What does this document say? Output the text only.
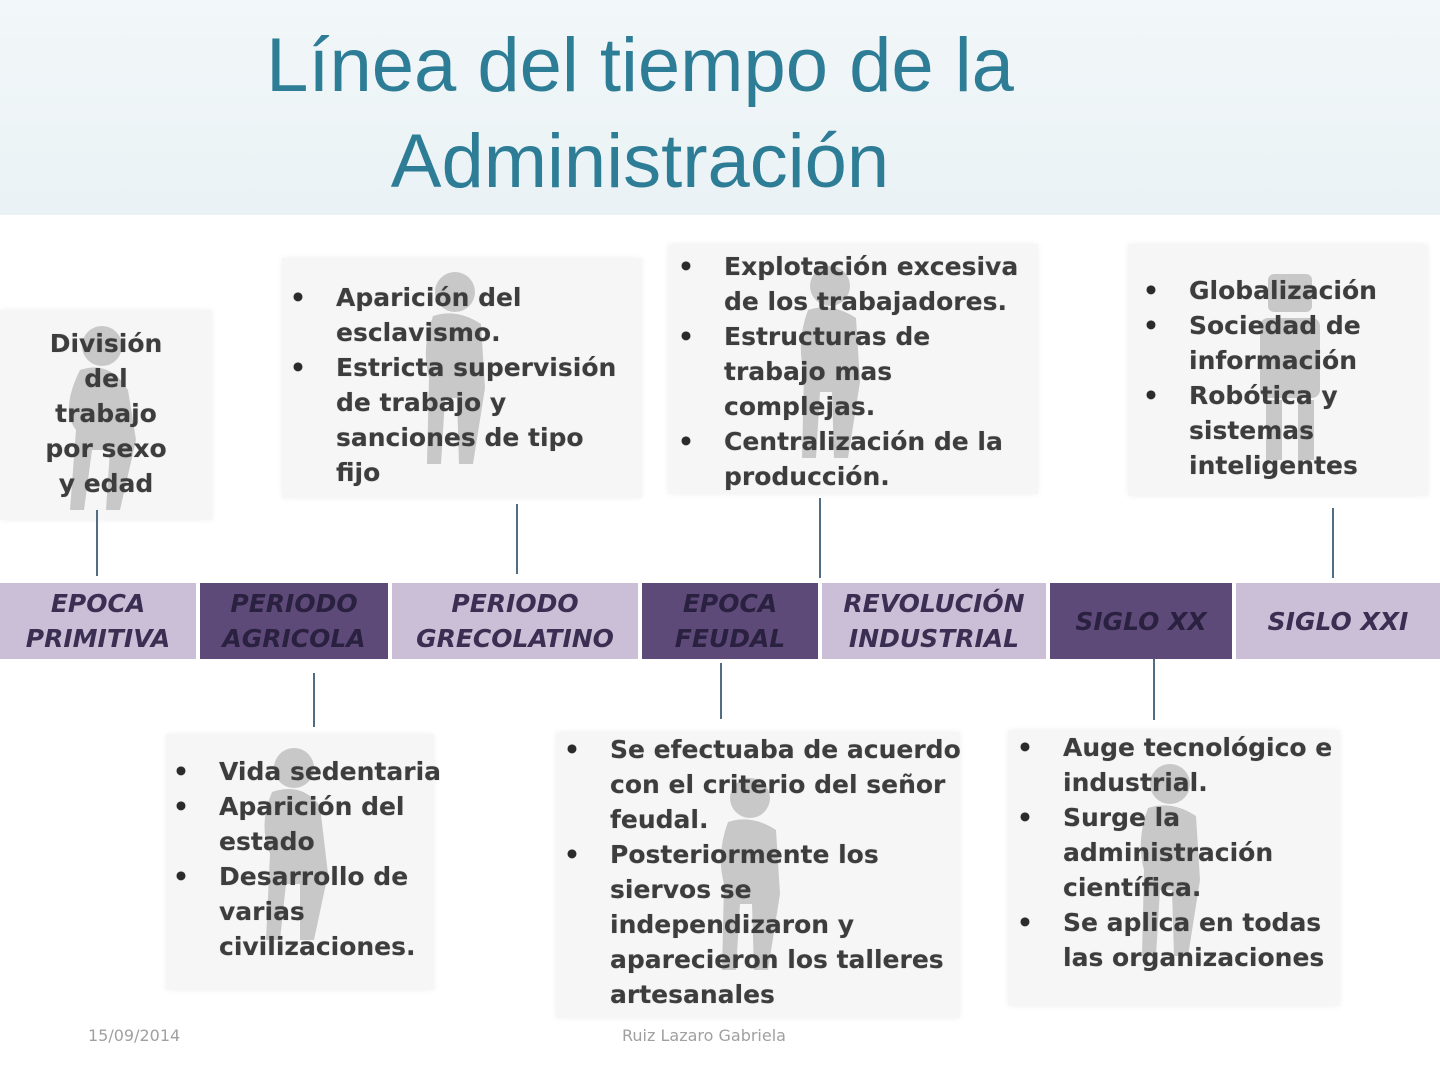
Línea del tiempo de la
Administración
EPOCA
PRIMITIVA
PERIODO
AGRICOLA
PERIODO
GRECOLATINO
EPOCA
FEUDAL
REVOLUCIÓN
INDUSTRIAL
SIGLO XX SIGLO XXI
División
del
trabajo
por sexo
y edad
• Aparición del esclavismo.
• Estricta supervisión de trabajo y sanciones de tipo fijo
• Explotación excesiva de los trabajadores.
• Estructuras de trabajo mas complejas.
• Centralización de la producción.
• Globalización
• Sociedad de información
• Robótica y sistemas inteligentes
• Vida sedentaria
• Aparición del estado
• Desarrollo de varias civilizaciones.
• Se efectuaba de acuerdo con el criterio del señor feudal.
• Posteriormente los siervos se independizaron y aparecieron los talleres artesanales
• Auge tecnológico e industrial.
• Surge la administración científica.
• Se aplica en todas las organizaciones
15/09/2014	Ruiz Lazaro Gabriela
